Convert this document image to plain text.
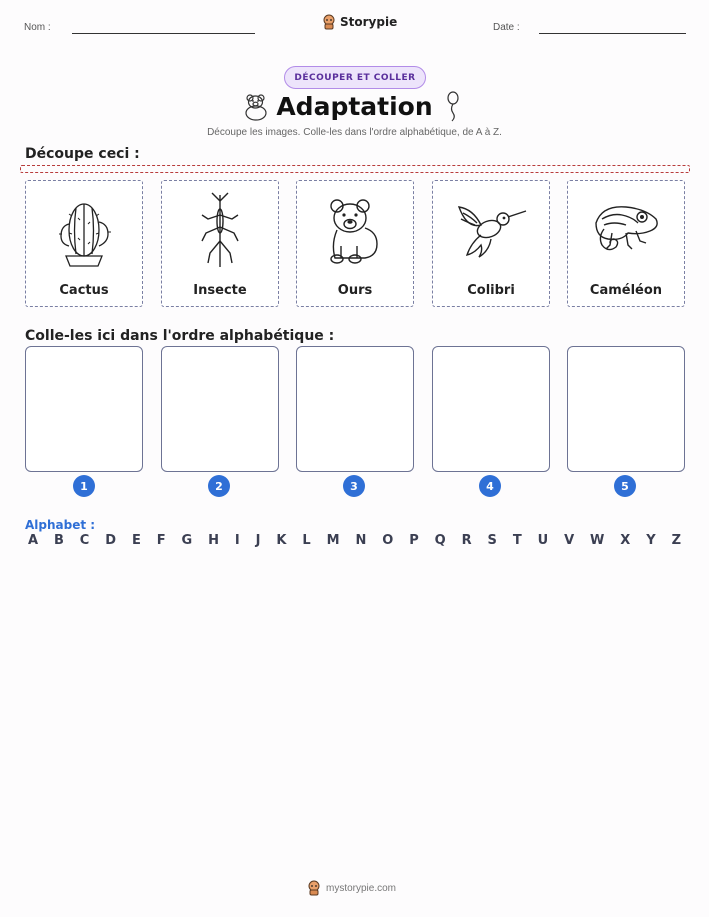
Nom :	Storypie	Date :
DÉCOUPER ET COLLER
Adaptation
Découpe les images. Colle-les dans l'ordre alphabétique, de A à Z.
Découpe ceci :
Cactus	Insecte	Ours	Colibri	Caméléon
Colle-les ici dans l'ordre alphabétique :
1	2	3	4	5
Alphabet :
A B C D E F G H I J K L M N O P Q R S T U V W X Y Z
mystorypie.com
